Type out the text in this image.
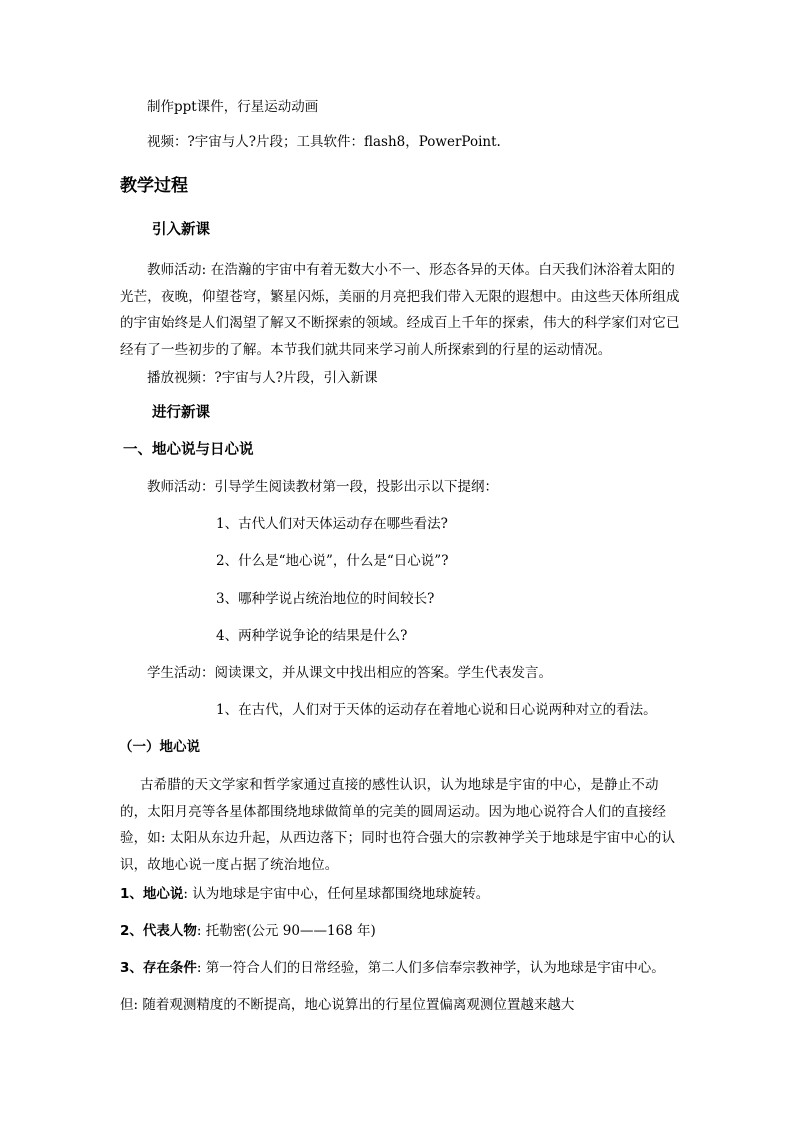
制作ppt课件，行星运动动画
视频：?宇宙与人?片段；工具软件：flash8，PowerPoint.
教学过程
引入新课
教师活动: 在浩瀚的宇宙中有着无数大小不一、形态各异的天体。白天我们沐浴着太阳的光芒，夜晚，仰望苍穹，繁星闪烁，美丽的月亮把我们带入无限的遐想中。由这些天体所组成的宇宙始终是人们渴望了解又不断探索的领域。经成百上千年的探索，伟大的科学家们对它已经有了一些初步的了解。本节我们就共同来学习前人所探索到的行星的运动情况。
播放视频：?宇宙与人?片段，引入新课
进行新课
一、地心说与日心说
教师活动：引导学生阅读教材第一段，投影出示以下提纲：
1、古代人们对天体运动存在哪些看法?
2、什么是“地心说”，什么是“日心说”?
3、哪种学说占统治地位的时间较长?
4、两种学说争论的结果是什么?
学生活动：阅读课文，并从课文中找出相应的答案。学生代表发言。
1、在古代，人们对于天体的运动存在着地心说和日心说两种对立的看法。
（一）地心说
古希腊的天文学家和哲学家通过直接的感性认识，认为地球是宇宙的中心，是静止不动的，太阳月亮等各星体都围绕地球做简单的完美的圆周运动。因为地心说符合人们的直接经验，如: 太阳从东边升起，从西边落下；同时也符合强大的宗教神学关于地球是宇宙中心的认识，故地心说一度占据了统治地位。
1、地心说: 认为地球是宇宙中心，任何星球都围绕地球旋转。
2、代表人物: 托勒密(公元 90——168 年)
3、存在条件: 第一符合人们的日常经验，第二人们多信奉宗教神学，认为地球是宇宙中心。
但: 随着观测精度的不断提高，地心说算出的行星位置偏离观测位置越来越大
